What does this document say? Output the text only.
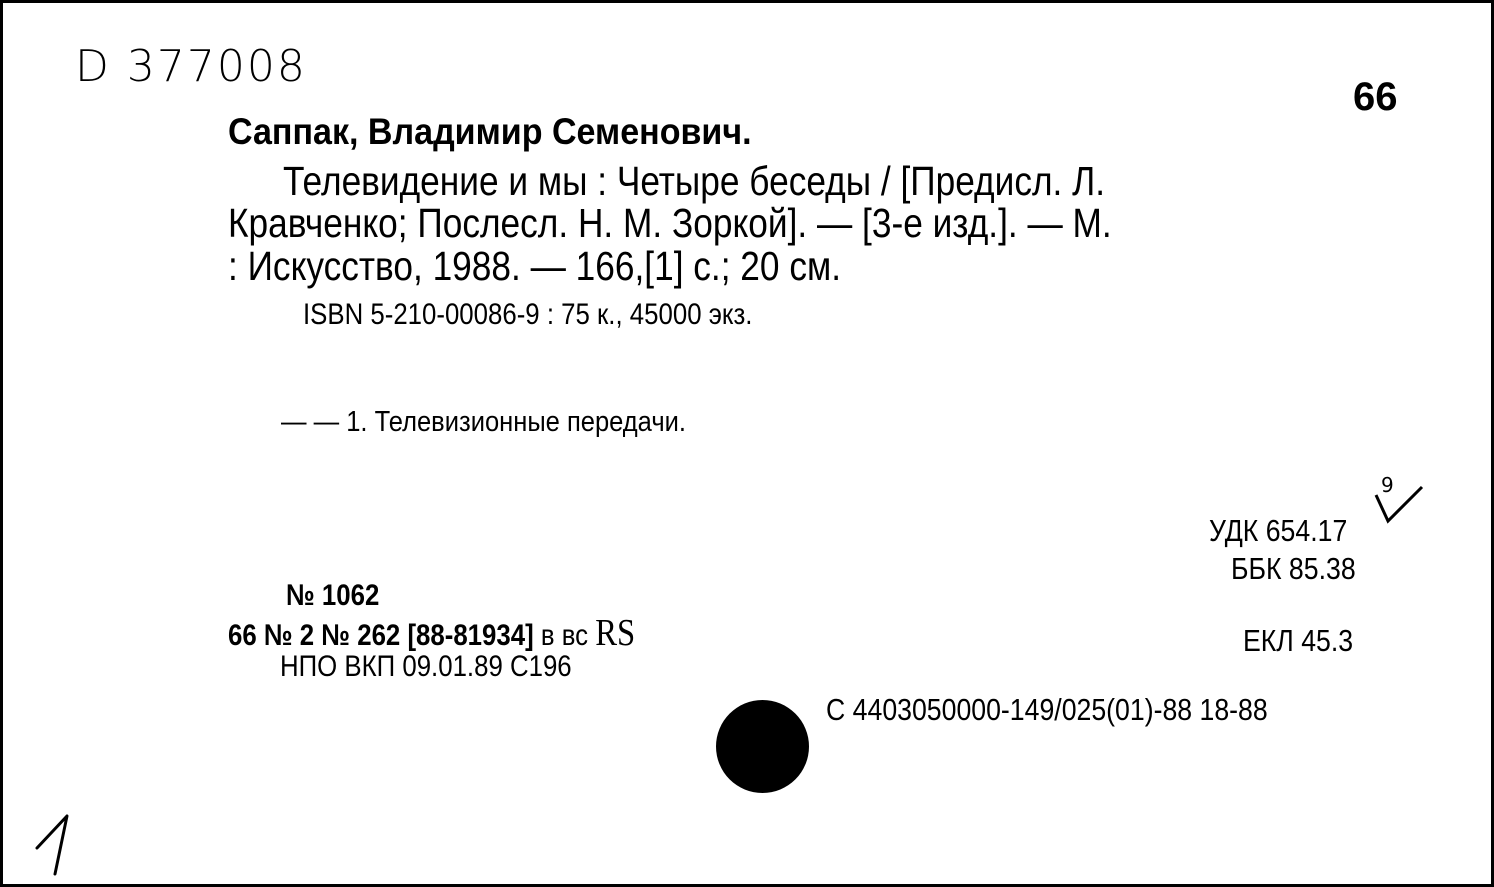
D 377008
66
Саппак, Владимир Семенович.
Телевидение и мы : Четыре беседы / [Предисл. Л.
Кравченко; Послесл. Н. М. Зоркой]. — [3-е изд.]. — М.
: Искусство, 1988. — 166,[1] с.; 20 см.
ISBN 5-210-00086-9 : 75 к., 45000 экз.
— — 1. Телевизионные передачи.
9
УДК 654.17
ББК 85.38
ЕКЛ 45.3
№ 1062
66 № 2 № 262 [88-81934] в вс RS
НПО ВКП 09.01.89 С196
С 4403050000-149/025(01)-88 18-88
